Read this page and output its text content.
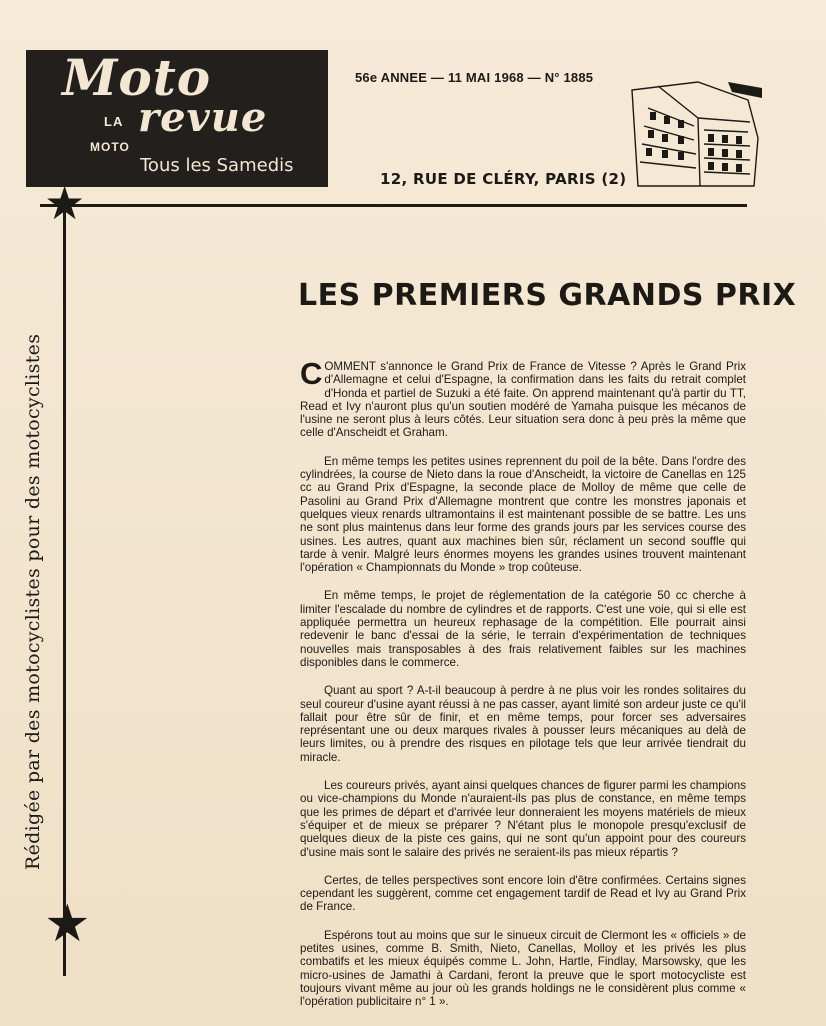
Moto
LA
MOTO
revue
Tous les Samedis
56e ANNEE — 11 MAI 1968 — N° 1885
12, RUE DE CLÉRY, PARIS (2)
★
★
Rédigée par des motocyclistes pour des motocyclistes
LES PREMIERS GRANDS PRIX

COMMENT s'annonce le Grand Prix de France de Vitesse ? Après le Grand Prix d'Allemagne et celui d'Espagne, la confirmation dans les faits du retrait complet d'Honda et partiel de Suzuki a été faite. On apprend maintenant qu'à partir du TT, Read et Ivy n'auront plus qu'un soutien modéré de Yamaha puisque les mécanos de l'usine ne seront plus à leurs côtés. Leur situation sera donc à peu près la même que celle d'Anscheidt et Graham.

En même temps les petites usines reprennent du poil de la bête. Dans l'ordre des cylindrées, la course de Nieto dans la roue d'Anscheidt, la victoire de Canellas en 125 cc au Grand Prix d'Espagne, la seconde place de Molloy de même que celle de Pasolini au Grand Prix d'Allemagne montrent que contre les monstres japonais et quelques vieux renards ultramontains il est maintenant possible de se battre. Les uns ne sont plus maintenus dans leur forme des grands jours par les services course des usines. Les autres, quant aux machines bien sûr, réclament un second souffle qui tarde à venir. Malgré leurs énormes moyens les grandes usines trouvent maintenant l'opération « Championnats du Monde » trop coûteuse.

En même temps, le projet de réglementation de la catégorie 50 cc cherche à limiter l'escalade du nombre de cylindres et de rapports. C'est une voie, qui si elle est appliquée permettra un heureux rephasage de la compétition. Elle pourrait ainsi redevenir le banc d'essai de la série, le terrain d'expérimentation de techniques nouvelles mais transposables à des frais relativement faibles sur les machines disponibles dans le commerce.

Quant au sport ? A-t-il beaucoup à perdre à ne plus voir les rondes solitaires du seul coureur d'usine ayant réussi à ne pas casser, ayant limité son ardeur juste ce qu'il fallait pour être sûr de finir, et en même temps, pour forcer ses adversaires représentant une ou deux marques rivales à pousser leurs mécaniques au delà de leurs limites, ou à prendre des risques en pilotage tels que leur arrivée tiendrait du miracle.

Les coureurs privés, ayant ainsi quelques chances de figurer parmi les champions ou vice-champions du Monde n'auraient-ils pas plus de constance, en même temps que les primes de départ et d'arrivée leur donneraient les moyens matériels de mieux s'équiper et de mieux se préparer ? N'étant plus le monopole presqu'exclusif de quelques dieux de la piste ces gains, qui ne sont qu'un appoint pour des coureurs d'usine mais sont le salaire des privés ne seraient-ils pas mieux répartis ?

Certes, de telles perspectives sont encore loin d'être confirmées. Certains signes cependant les suggèrent, comme cet engagement tardif de Read et Ivy au Grand Prix de France.

Espérons tout au moins que sur le sinueux circuit de Clermont les « officiels » de petites usines, comme B. Smith, Nieto, Canellas, Molloy et les privés les plus combatifs et les mieux équipés comme L. John, Hartle, Findlay, Marsowsky, que les micro-usines de Jamathi à Cardani, feront la preuve que le sport motocycliste est toujours vivant même au jour où les grands holdings ne le considèrent plus comme « l'opération publicitaire n° 1 ».
